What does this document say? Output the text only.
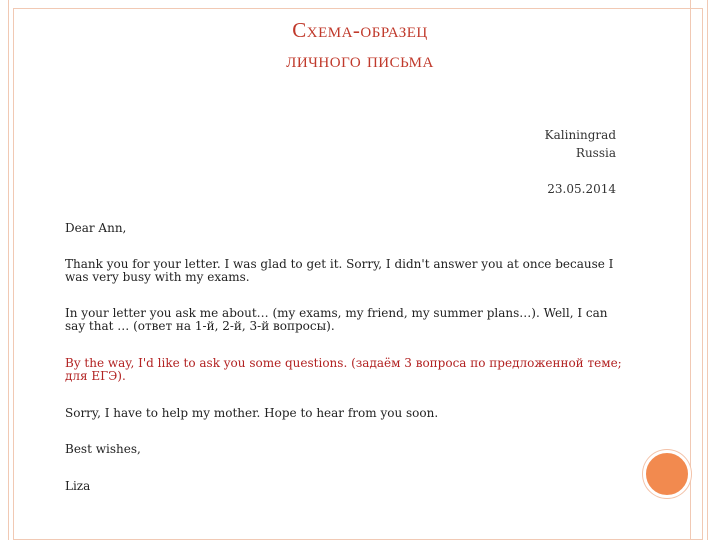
Схема-образец
личного письма
Kaliningrad
Russia
23.05.2014
Dear Ann,
Thank you for your letter. I was glad to get it. Sorry, I didn't answer you at once because I was very busy with my exams.
In your letter you ask me about… (my exams, my friend, my summer plans…). Well, I can say that … (ответ на 1-й, 2-й, 3-й вопросы).
By the way, I'd like to ask you some questions. (задаём 3 вопроса по предложенной теме; для ЕГЭ).
Sorry, I have to help my mother. Hope to hear from you soon.
Best wishes,
Liza
